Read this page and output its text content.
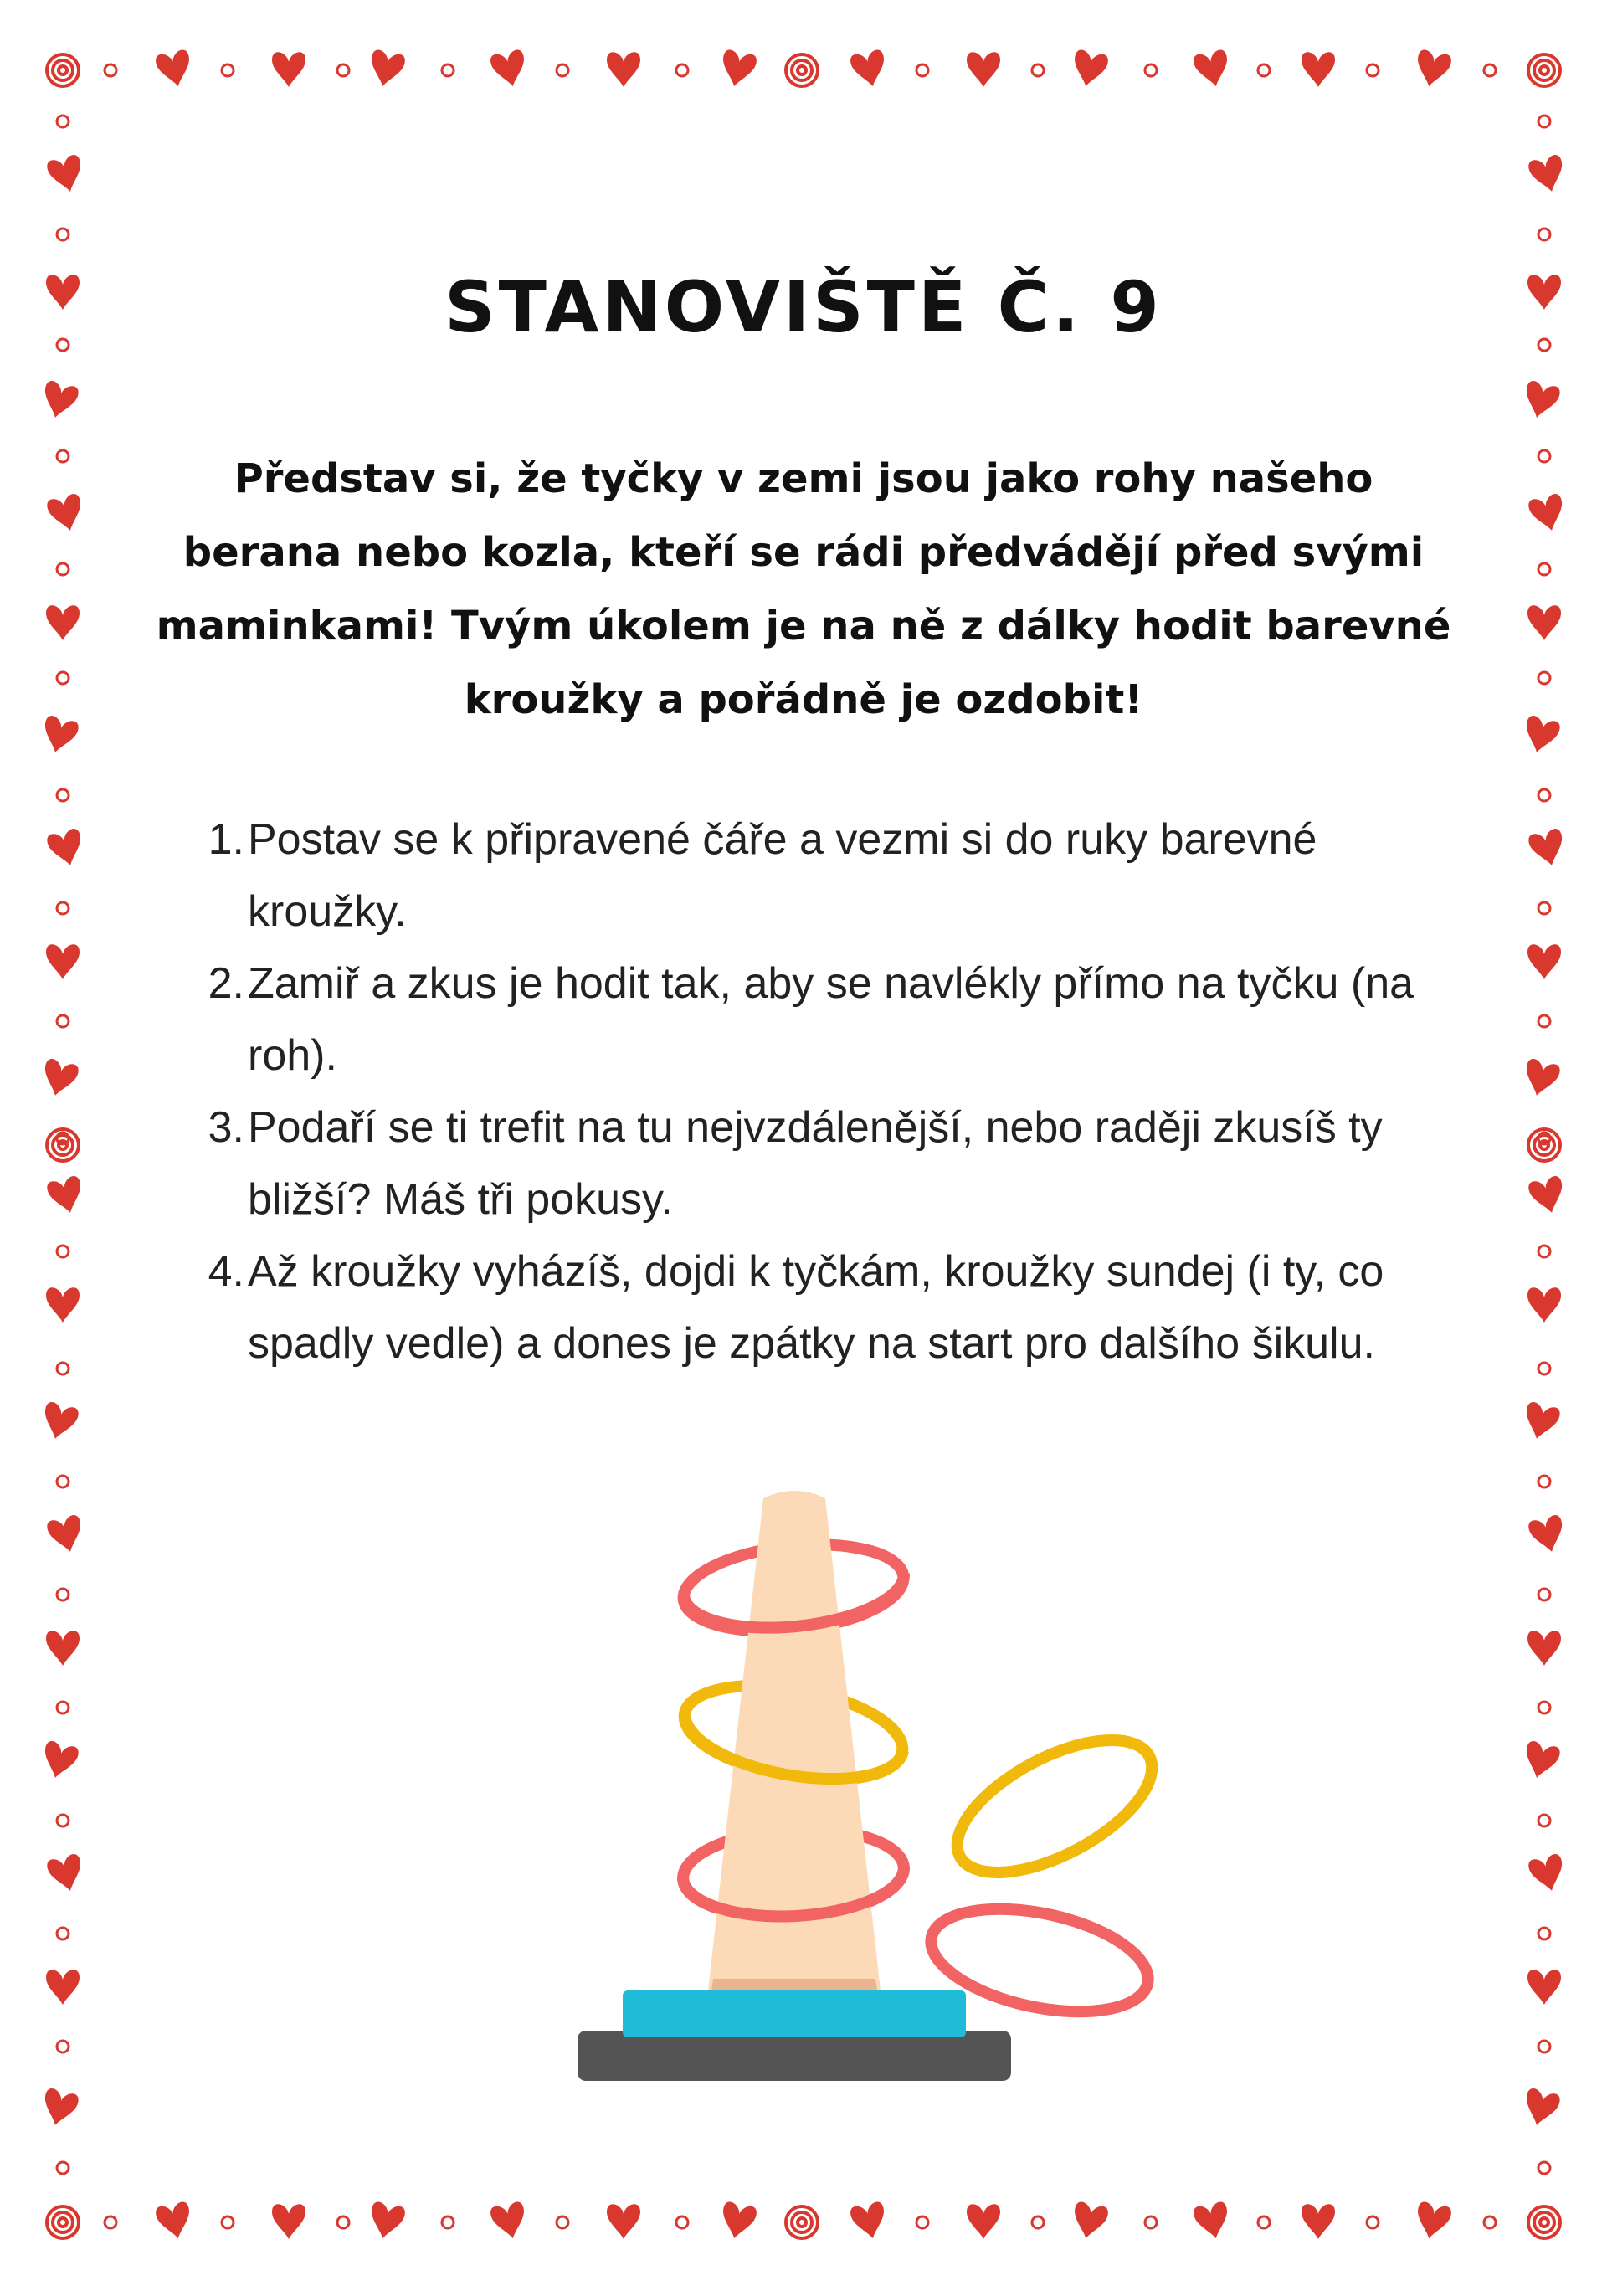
STANOVIŠTĚ Č. 9
Představ si, že tyčky v zemi jsou jako rohy našeho berana nebo kozla, kteří se rádi předvádějí před svými maminkami! Tvým úkolem je na ně z dálky hodit barevné kroužky a pořádně je ozdobit!
1. Postav se k připravené čáře a vezmi si do ruky barevné kroužky.
2. Zamiř a zkus je hodit tak, aby se navlékly přímo na tyčku (na roh).
3. Podaří se ti trefit na tu nejvzdálenější, nebo raději zkusíš ty bližší? Máš tři pokusy.
4. Až kroužky vyházíš, dojdi k tyčkám, kroužky sundej (i ty, co spadly vedle) a dones je zpátky na start pro dalšího šikulu.
